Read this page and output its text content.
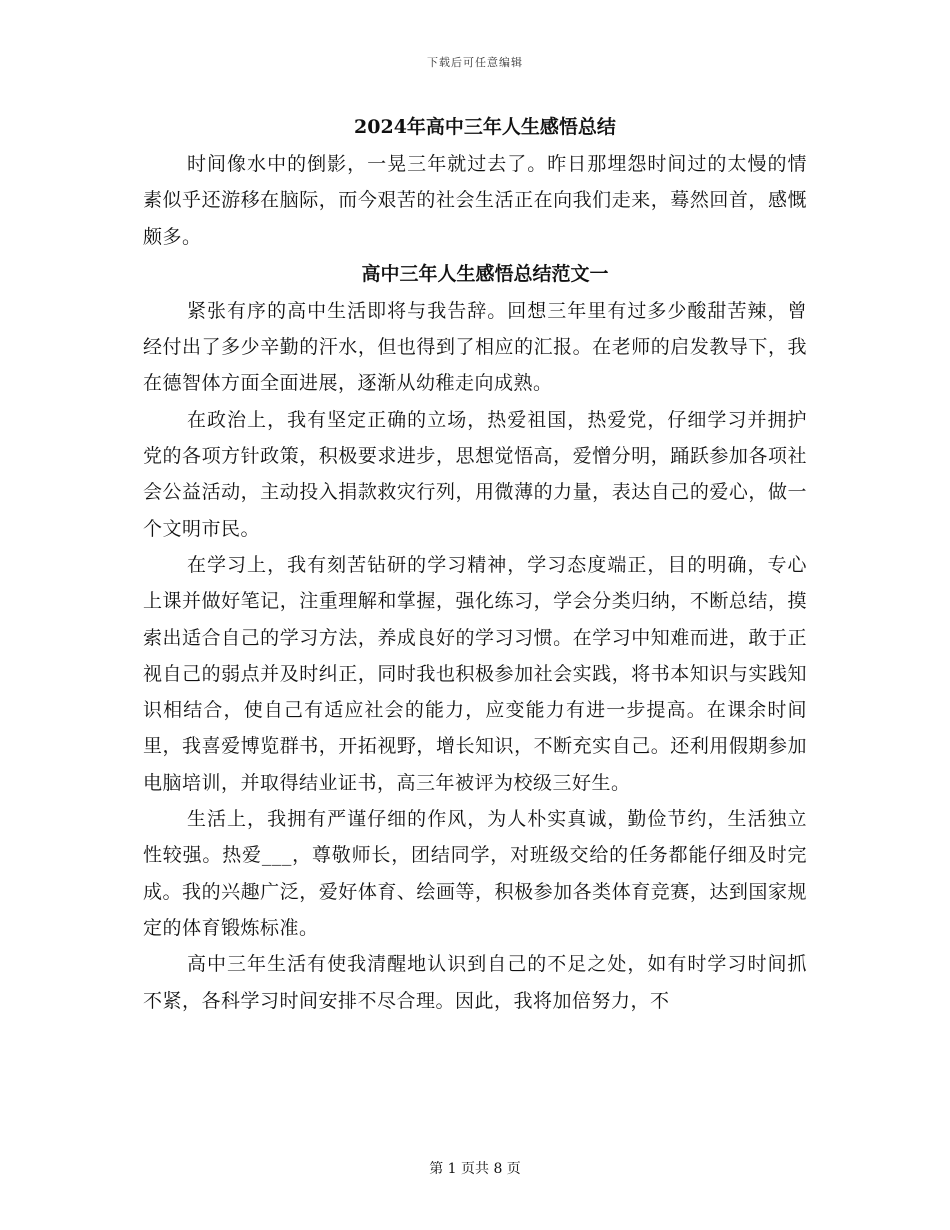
下载后可任意编辑
2024年高中三年人生感悟总结

时间像水中的倒影，一晃三年就过去了。昨日那埋怨时间过的太慢的情素似乎还游移在脑际，而今艰苦的社会生活正在向我们走来，蓦然回首，感慨颇多。

高中三年人生感悟总结范文一

紧张有序的高中生活即将与我告辞。回想三年里有过多少酸甜苦辣，曾经付出了多少辛勤的汗水，但也得到了相应的汇报。在老师的启发教导下，我在德智体方面全面进展，逐渐从幼稚走向成熟。

在政治上，我有坚定正确的立场，热爱祖国，热爱党，仔细学习并拥护党的各项方针政策，积极要求进步，思想觉悟高，爱憎分明，踊跃参加各项社会公益活动，主动投入捐款救灾行列，用微薄的力量，表达自己的爱心，做一个文明市民。

在学习上，我有刻苦钻研的学习精神，学习态度端正，目的明确，专心上课并做好笔记，注重理解和掌握，强化练习，学会分类归纳，不断总结，摸索出适合自己的学习方法，养成良好的学习习惯。在学习中知难而进，敢于正视自己的弱点并及时纠正，同时我也积极参加社会实践，将书本知识与实践知识相结合，使自己有适应社会的能力，应变能力有进一步提高。在课余时间里，我喜爱博览群书，开拓视野，增长知识，不断充实自己。还利用假期参加电脑培训，并取得结业证书，高三年被评为校级三好生。

生活上，我拥有严谨仔细的作风，为人朴实真诚，勤俭节约，生活独立性较强。热爱___，尊敬师长，团结同学，对班级交给的任务都能仔细及时完成。我的兴趣广泛，爱好体育、绘画等，积极参加各类体育竞赛，达到国家规定的体育锻炼标准。

高中三年生活有使我清醒地认识到自己的不足之处，如有时学习时间抓不紧，各科学习时间安排不尽合理。因此，我将加倍努力，不

第 1 页共 8 页
